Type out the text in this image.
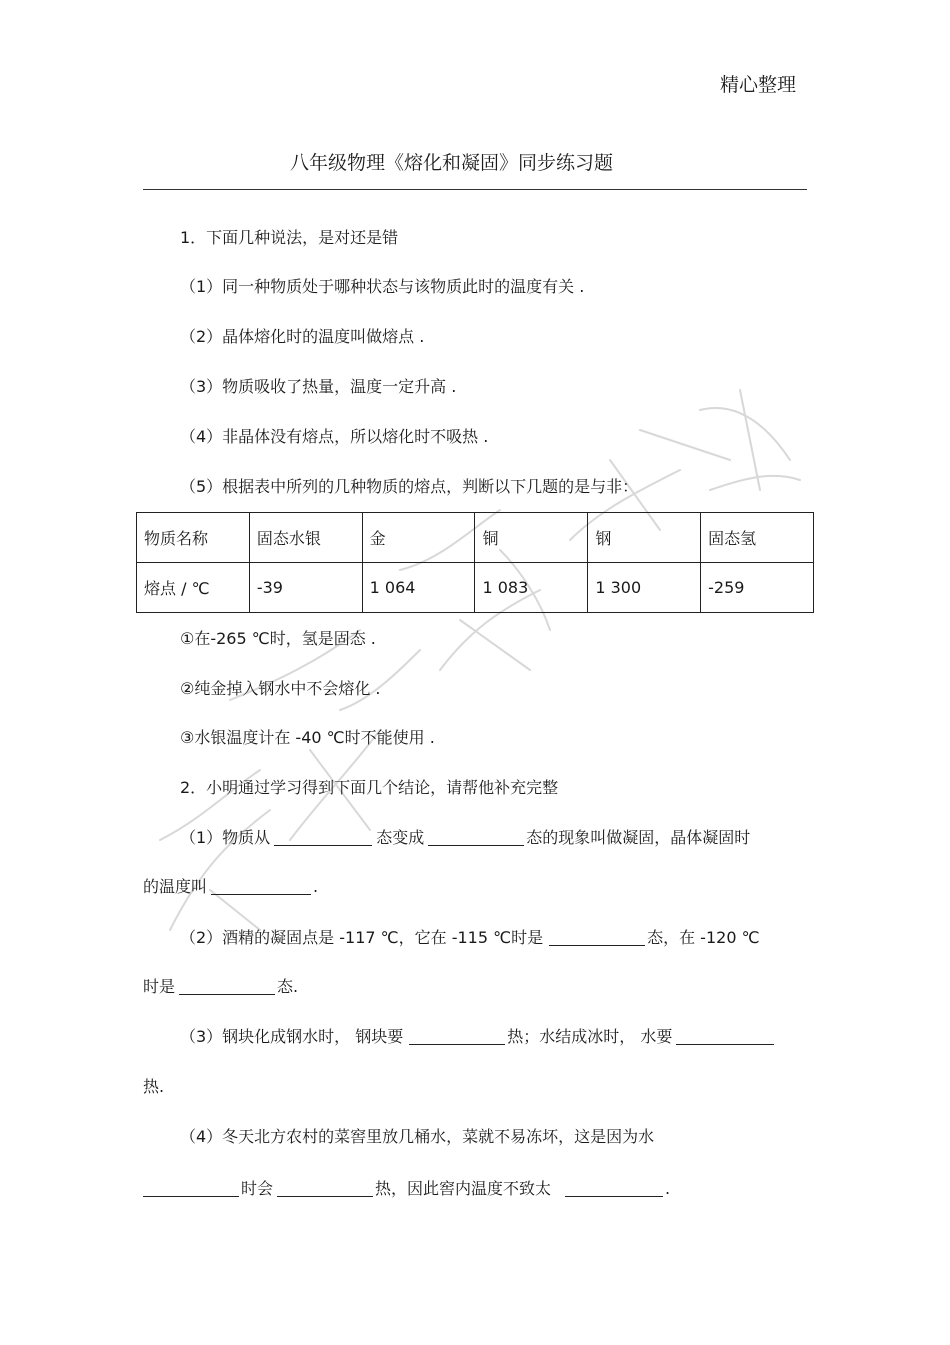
精心整理
八年级物理《熔化和凝固》同步练习题
1．下面几种说法，是对还是错
（1）同一种物质处于哪种状态与该物质此时的温度有关 .
（2）晶体熔化时的温度叫做熔点 .
（3）物质吸收了热量，温度一定升高 .
（4）非晶体没有熔点，所以熔化时不吸热 .
（5）根据表中所列的几种物质的熔点，判断以下几题的是与非：
物质名称	固态水银	金	铜	钢	固态氢
熔点 / ℃	-39	1 064	1 083	1 300	-259
①在-265 ℃时，氢是固态 .
②纯金掉入钢水中不会熔化 .
③水银温度计在 -40 ℃时不能使用 .
2．小明通过学习得到下面几个结论，请帮他补充完整
（1）物质从	态变成	态的现象叫做凝固，晶体凝固时
的温度叫	.
（2）酒精的凝固点是 -117 ℃，它在 -115 ℃时是	态，在 -120 ℃
时是	态.
（3）钢块化成钢水时， 钢块要	热；水结成冰时， 水要
热.
（4）冬天北方农村的菜窖里放几桶水，菜就不易冻坏，这是因为水
时会	热，因此窖内温度不致太	.
